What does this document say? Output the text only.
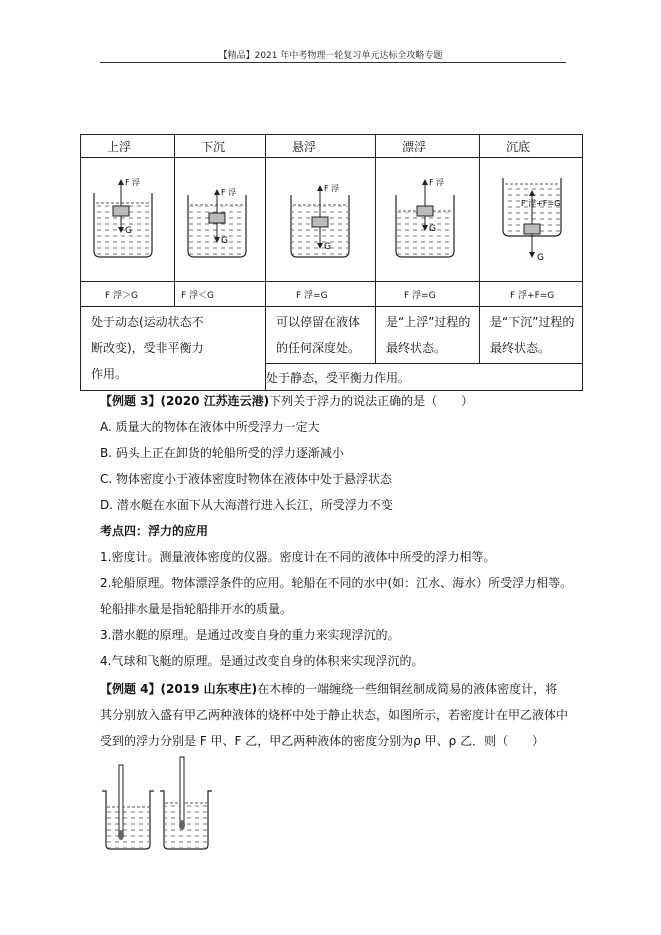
【精品】2021 年中考物理一轮复习单元达标全攻略专题
上浮	下沉	悬浮	漂浮	沉底

F 浮
G	F 浮
G	F 浮
G	F 浮
G	F 浮+F=G
G

F 浮＞G	F 浮＜G	F 浮=G	F 浮=G	F 浮+F=G

处于动态(运动状态不断改变)，受非平衡力作用。		可以停留在液体的任何深度处。	是“上浮”过程的最终状态。	是“下沉”过程的最终状态。
		处于静态，受平衡力作用。		
【例题 3】(2020 江苏连云港)下列关于浮力的说法正确的是（　　）
A. 质量大的物体在液体中所受浮力一定大
B. 码头上正在卸货的轮船所受的浮力逐渐减小
C. 物体密度小于液体密度时物体在液体中处于悬浮状态
D. 潜水艇在水面下从大海潜行进入长江，所受浮力不变
考点四：浮力的应用
1.密度计。测量液体密度的仪器。密度计在不同的液体中所受的浮力相等。
2.轮船原理。物体漂浮条件的应用。轮船在不同的水中(如：江水、海水）所受浮力相等。
轮船排水量是指轮船排开水的质量。
3.潜水艇的原理。是通过改变自身的重力来实现浮沉的。
4.气球和飞艇的原理。是通过改变自身的体积来实现浮沉的。
【例题 4】(2019 山东枣庄)在木棒的一端缠绕一些细铜丝制成简易的液体密度计，将其分别放入盛有甲乙两种液体的烧杯中处于静止状态，如图所示，若密度计在甲乙液体中受到的浮力分别是 F 甲、F 乙，甲乙两种液体的密度分别为ρ 甲、ρ 乙．则（　　）
